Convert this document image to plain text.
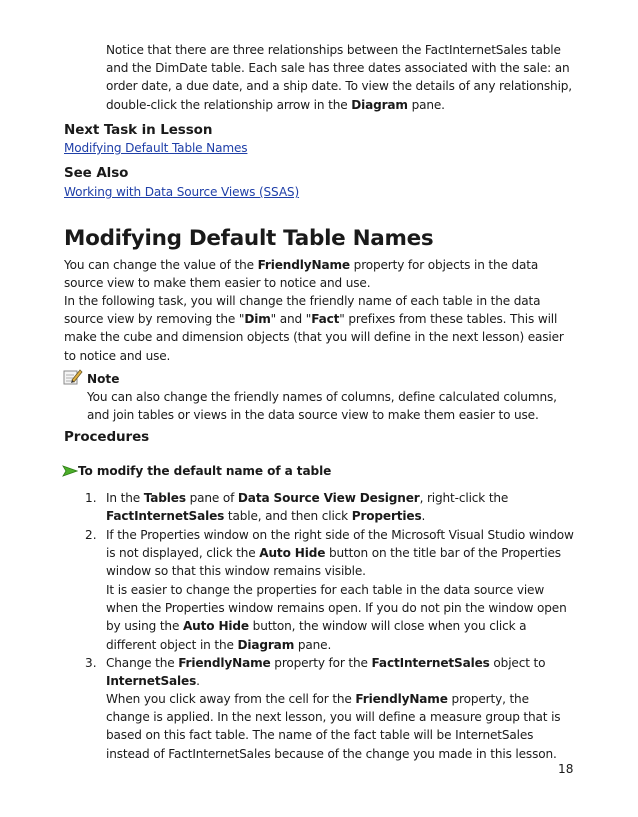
Notice that there are three relationships between the FactInternetSales table and the DimDate table. Each sale has three dates associated with the sale: an order date, a due date, and a ship date. To view the details of any relationship, double-click the relationship arrow in the Diagram pane.

Next Task in Lesson
Modifying Default Table Names
See Also
Working with Data Source Views (SSAS)
Modifying Default Table Names

You can change the value of the FriendlyName property for objects in the data source view to make them easier to notice and use.

In the following task, you will change the friendly name of each table in the data source view by removing the "Dim" and "Fact" prefixes from these tables. This will make the cube and dimension objects (that you will define in the next lesson) easier to notice and use.

Note

You can also change the friendly names of columns, define calculated columns, and join tables or views in the data source view to make them easier to use.

Procedures
To modify the default name of a table
1. In the Tables pane of Data Source View Designer, right-click the FactInternetSales table, and then click Properties.

2. If the Properties window on the right side of the Microsoft Visual Studio window is not displayed, click the Auto Hide button on the title bar of the Properties window so that this window remains visible.

It is easier to change the properties for each table in the data source view when the Properties window remains open. If you do not pin the window open by using the Auto Hide button, the window will close when you click a different object in the Diagram pane.

3. Change the FriendlyName property for the FactInternetSales object to InternetSales.

When you click away from the cell for the FriendlyName property, the change is applied. In the next lesson, you will define a measure group that is based on this fact table. The name of the fact table will be InternetSales instead of FactInternetSales because of the change you made in this lesson.

18
